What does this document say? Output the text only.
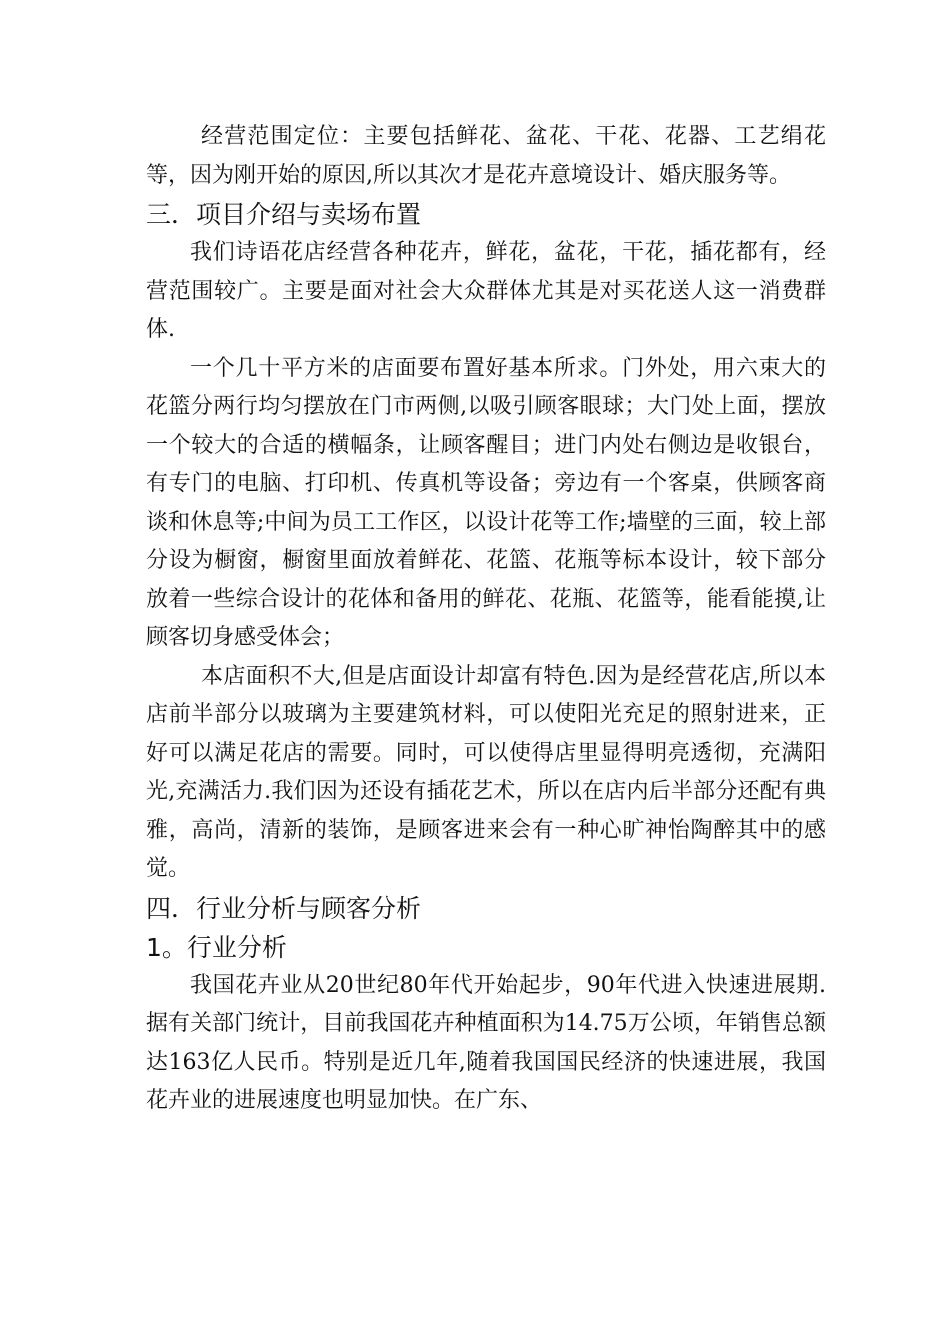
经营范围定位：主要包括鲜花、盆花、干花、花器、工艺绢花等，因为刚开始的原因,所以其次才是花卉意境设计、婚庆服务等。

三．项目介绍与卖场布置

我们诗语花店经营各种花卉，鲜花，盆花，干花，插花都有，经营范围较广。主要是面对社会大众群体尤其是对买花送人这一消费群体.

一个几十平方米的店面要布置好基本所求。门外处，用六束大的花篮分两行均匀摆放在门市两侧,以吸引顾客眼球；大门处上面，摆放一个较大的合适的横幅条，让顾客醒目；进门内处右侧边是收银台，有专门的电脑、打印机、传真机等设备；旁边有一个客桌，供顾客商谈和休息等;中间为员工工作区，以设计花等工作;墙壁的三面，较上部分设为橱窗，橱窗里面放着鲜花、花篮、花瓶等标本设计，较下部分放着一些综合设计的花体和备用的鲜花、花瓶、花篮等，能看能摸,让顾客切身感受体会；

本店面积不大,但是店面设计却富有特色.因为是经营花店,所以本店前半部分以玻璃为主要建筑材料，可以使阳光充足的照射进来，正好可以满足花店的需要。同时，可以使得店里显得明亮透彻，充满阳光,充满活力.我们因为还设有插花艺术，所以在店内后半部分还配有典雅，高尚，清新的装饰，是顾客进来会有一种心旷神怡陶醉其中的感觉。

四．行业分析与顾客分析
1。行业分析

我国花卉业从20世纪80年代开始起步，90年代进入快速进展期.据有关部门统计，目前我国花卉种植面积为14.75万公顷，年销售总额达163亿人民币。特别是近几年,随着我国国民经济的快速进展，我国花卉业的进展速度也明显加快。在广东、
